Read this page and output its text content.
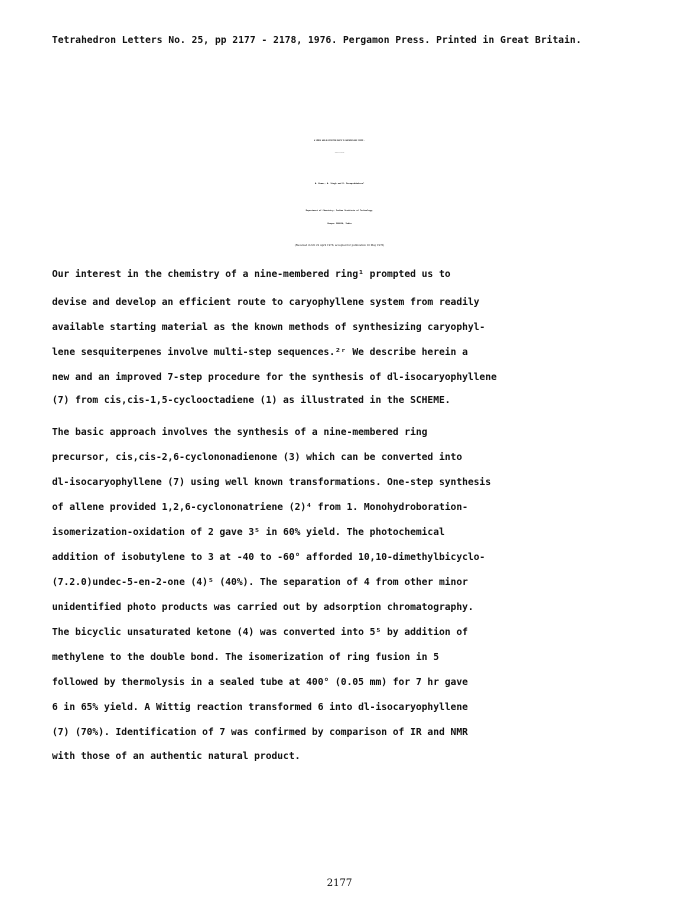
Tetrahedron Letters No. 25, pp 2177 - 2178, 1976. Pergamon Press. Printed in Great Britain.
A SIMPLE AND AN EFFECTIVE ROUTE TO CARYOPHYLLENE SYSTEM -
A. Kumar, A. Singh and D. Devaprabhakara*
Department of Chemistry, Indian Institute of Technology,
Kanpur 208016, India
(Received in UK 22 April 1976; accepted for publication 10 May 1976)
Our interest in the chemistry of a nine-membered ring¹ prompted us to
devise and develop an efficient route to caryophyllene system from readily
available starting material as the known methods of synthesizing caryophyl-
lene sesquiterpenes involve multi-step sequences.²ʳ We describe herein a
new and an improved 7-step procedure for the synthesis of dl-isocaryophyllene
(7) from cis,cis-1,5-cyclooctadiene (1) as illustrated in the SCHEME.
The basic approach involves the synthesis of a nine-membered ring
precursor, cis,cis-2,6-cyclononadienone (3) which can be converted into
dl-isocaryophyllene (7) using well known transformations. One-step synthesis
of allene provided 1,2,6-cyclononatriene (2)⁴ from 1. Monohydroboration-
isomerization-oxidation of 2 gave 3⁵ in 60% yield. The photochemical
addition of isobutylene to 3 at -40 to -60° afforded 10,10-dimethylbicyclo-
(7.2.0)undec-5-en-2-one (4)⁵ (40%). The separation of 4 from other minor
unidentified photo products was carried out by adsorption chromatography.
The bicyclic unsaturated ketone (4) was converted into 5⁵ by addition of
methylene to the double bond. The isomerization of ring fusion in 5
followed by thermolysis in a sealed tube at 400° (0.05 mm) for 7 hr gave
6 in 65% yield. A Wittig reaction transformed 6 into dl-isocaryophyllene
(7) (70%). Identification of 7 was confirmed by comparison of IR and NMR
with those of an authentic natural product.
2177
